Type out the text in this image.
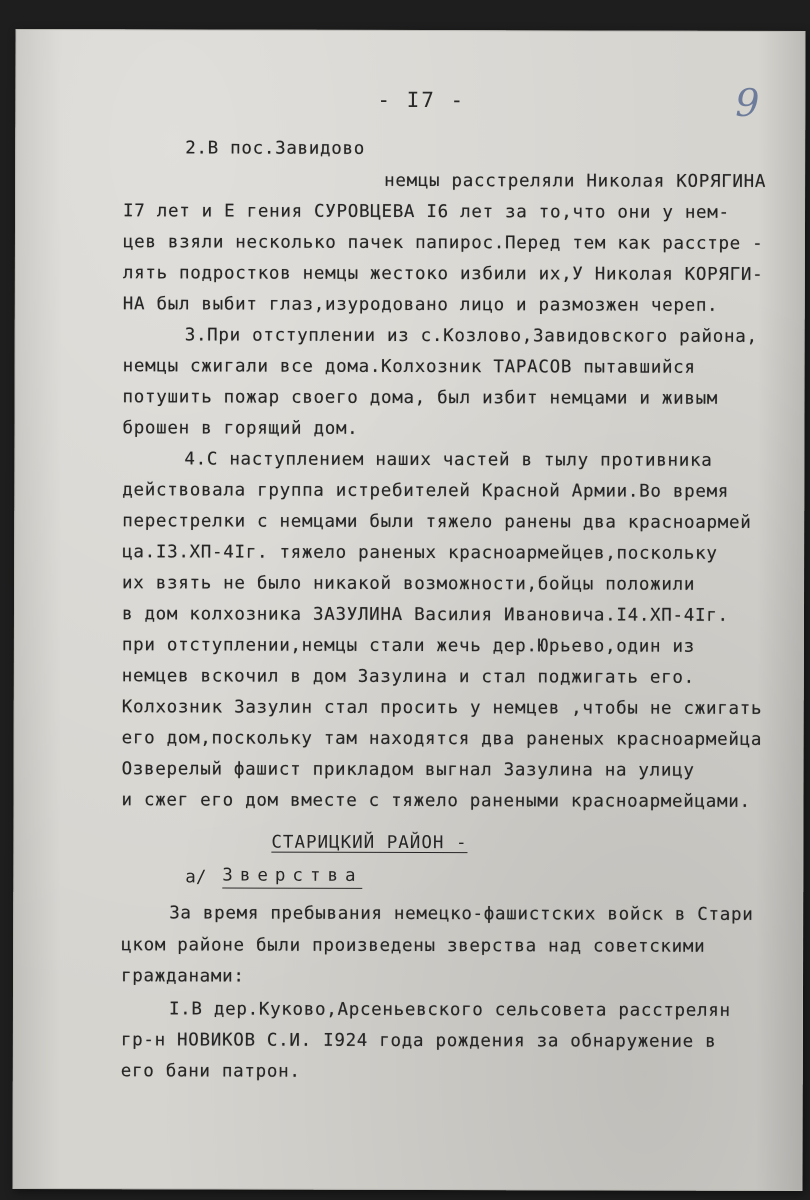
- I7 -	9
2.В пос.Завидово
немцы расстреляли Николая КОРЯГИНА
I7 лет и Е гения СУРОВЦЕВА I6 лет за то,что они у нем-
цев взяли несколько пачек папирос.Перед тем как расстре -
лять подростков немцы жестоко избили их,У Николая КОРЯГИ-
НА был выбит глаз,изуродовано лицо и размозжен череп.
3.При отступлении из с.Козлово,Завидовского района,
немцы сжигали все дома.Колхозник ТАРАСОВ пытавшийся
потушить пожар своего дома, был избит немцами и живым
брошен в горящий дом.
4.С наступлением наших частей в тылу противника
действовала группа истребителей Красной Армии.Во время
перестрелки с немцами были тяжело ранены два красноармей
ца.I3.XП-4Iг. тяжело раненых красноармейцев,поскольку
их взять не было никакой возможности,бойцы положили
в дом колхозника ЗАЗУЛИНА Василия Ивановича.I4.XП-4Iг.
при отступлении,немцы стали жечь дер.Юрьево,один из
немцев вскочил в дом Зазулина и стал поджигать его.
Колхозник Зазулин стал просить у немцев ,чтобы не сжигать
его дом,поскольку там находятся два раненых красноармейца
Озверелый фашист прикладом выгнал Зазулина на улицу
и сжег его дом вместе с тяжело ранеными красноармейцами.
СТАРИЦКИЙ РАЙОН -
а/ Зверства
За время пребывания немецко-фашистских войск в Стари
цком районе были произведены зверства над советскими
гражданами:
I.В дер.Куково,Арсеньевского сельсовета расстрелян
гр-н НОВИКОВ С.И. I924 года рождения за обнаружение в
его бани патрон.
